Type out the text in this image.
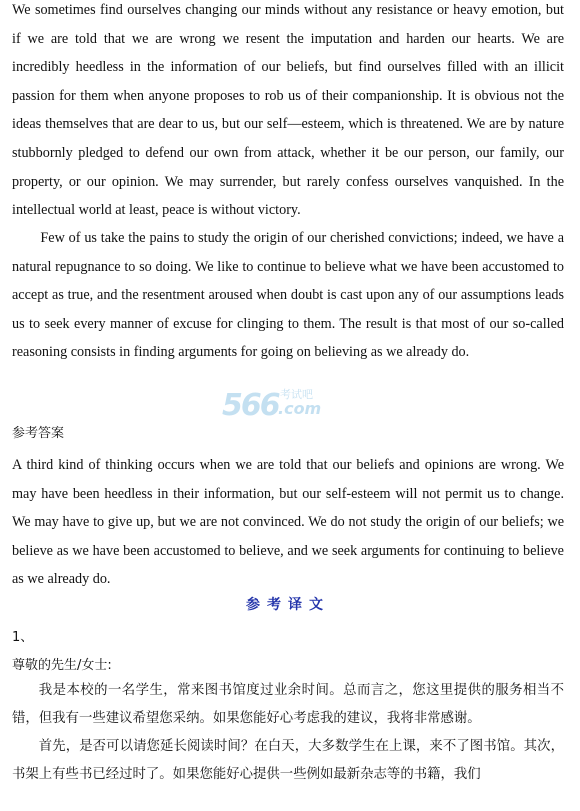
We sometimes find ourselves changing our minds without any resistance or heavy emotion, but if we are told that we are wrong we resent the imputation and harden our hearts. We are incredibly heedless in the information of our beliefs, but find ourselves filled with an illicit passion for them when anyone proposes to rob us of their companionship. It is obvious not the ideas themselves that are dear to us, but our self—esteem, which is threatened. We are by nature stubbornly pledged to defend our own from attack, whether it be our person, our family, our property, or our opinion. We may surrender, but rarely confess ourselves vanquished. In the intellectual world at least, peace is without victory.

Few of us take the pains to study the origin of our cherished convictions; indeed, we have a natural repugnance to so doing. We like to continue to believe what we have been accustomed to accept as true, and the resentment aroused when doubt is cast upon any of our assumptions leads us to seek every manner of excuse for clinging to them. The result is that most of our so-called reasoning consists in finding arguments for going on believing as we already do.

参考答案

A third kind of thinking occurs when we are told that our beliefs and opinions are wrong. We may have been heedless in their information, but our self-esteem will not permit us to change. We may have to give up, but we are not convinced. We do not study the origin of our beliefs; we believe as we have been accustomed to believe, and we seek arguments for continuing to believe as we already do.

参考译文
1、
尊敬的先生/女士:

我是本校的一名学生，常来图书馆度过业余时间。总而言之，您这里提供的服务相当不错，但我有一些建议希望您采纳。如果您能好心考虑我的建议，我将非常感谢。

首先，是否可以请您延长阅读时间？在白天，大多数学生在上课，来不了图书馆。其次，书架上有些书已经过时了。如果您能好心提供一些例如最新杂志等的书籍，我们

566 考试吧
.com
